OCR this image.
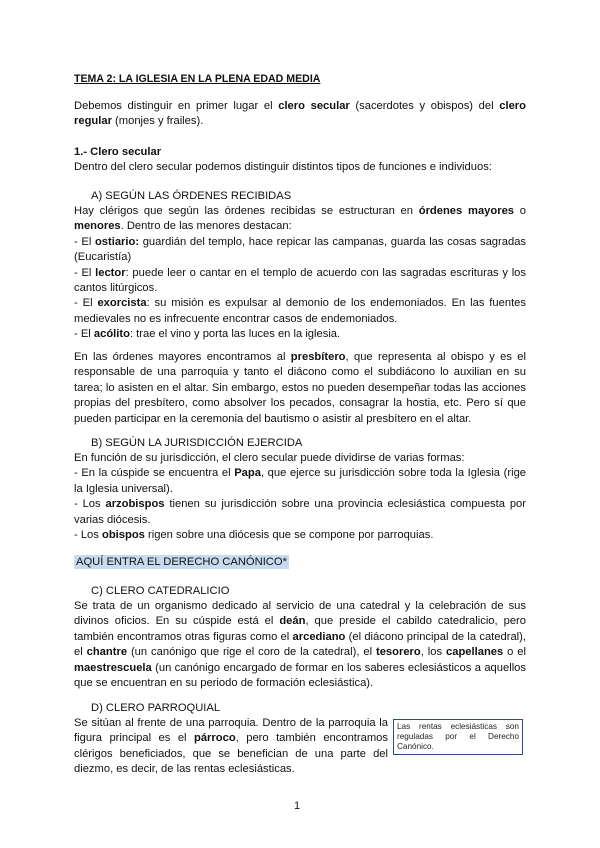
TEMA 2: LA IGLESIA EN LA PLENA EDAD MEDIA

Debemos distinguir en primer lugar el clero secular (sacerdotes y obispos) del clero regular (monjes y frailes).

1.- Clero secular

Dentro del clero secular podemos distinguir distintos tipos de funciones e individuos:

A) SEGÚN LAS ÓRDENES RECIBIDAS

Hay clérigos que según las órdenes recibidas se estructuran en órdenes mayores o menores. Dentro de las menores destacan:
- El ostiario: guardián del templo, hace repicar las campanas, guarda las cosas sagradas (Eucaristía)
- El lector: puede leer o cantar en el templo de acuerdo con las sagradas escrituras y los cantos litúrgicos.
- El exorcista: su misión es expulsar al demonio de los endemoniados. En las fuentes medievales no es infrecuente encontrar casos de endemoniados.
- El acólito: trae el vino y porta las luces en la iglesia.

En las órdenes mayores encontramos al presbítero, que representa al obispo y es el responsable de una parroquia y tanto el diácono como el subdiácono lo auxilian en su tarea; lo asisten en el altar. Sin embargo, estos no pueden desempeñar todas las acciones propias del presbítero, como absolver los pecados, consagrar la hostia, etc. Pero sí que pueden participar en la ceremonia del bautismo o asistir al presbítero en el altar.

B) SEGÚN LA JURISDICCIÓN EJERCIDA

En función de su jurisdicción, el clero secular puede dividirse de varias formas:
- En la cúspide se encuentra el Papa, que ejerce su jurisdicción sobre toda la Iglesia (rige la Iglesia universal).
- Los arzobispos tienen su jurisdicción sobre una provincia eclesiástica compuesta por varias diócesis.
- Los obispos rigen sobre una diócesis que se compone por parroquias.

AQUÍ ENTRA EL DERECHO CANÓNICO*

C) CLERO CATEDRALICIO

Se trata de un organismo dedicado al servicio de una catedral y la celebración de sus divinos oficios. En su cúspide está el deán, que preside el cabildo catedralicio, pero también encontramos otras figuras como el arcediano (el diácono principal de la catedral), el chantre (un canónigo que rige el coro de la catedral), el tesorero, los capellanes o el maestrescuela (un canónigo encargado de formar en los saberes eclesiásticos a aquellos que se encuentran en su periodo de formación eclesiástica).

D) CLERO PARROQUIAL

Se sitúan al frente de una parroquia. Dentro de la parroquia la figura principal es el párroco, pero también encontramos clérigos beneficiados, que se benefician de una parte del diezmo, es decir, de las rentas eclesiásticas.

Las rentas eclesiásticas son reguladas por el Derecho Canónico.
1
